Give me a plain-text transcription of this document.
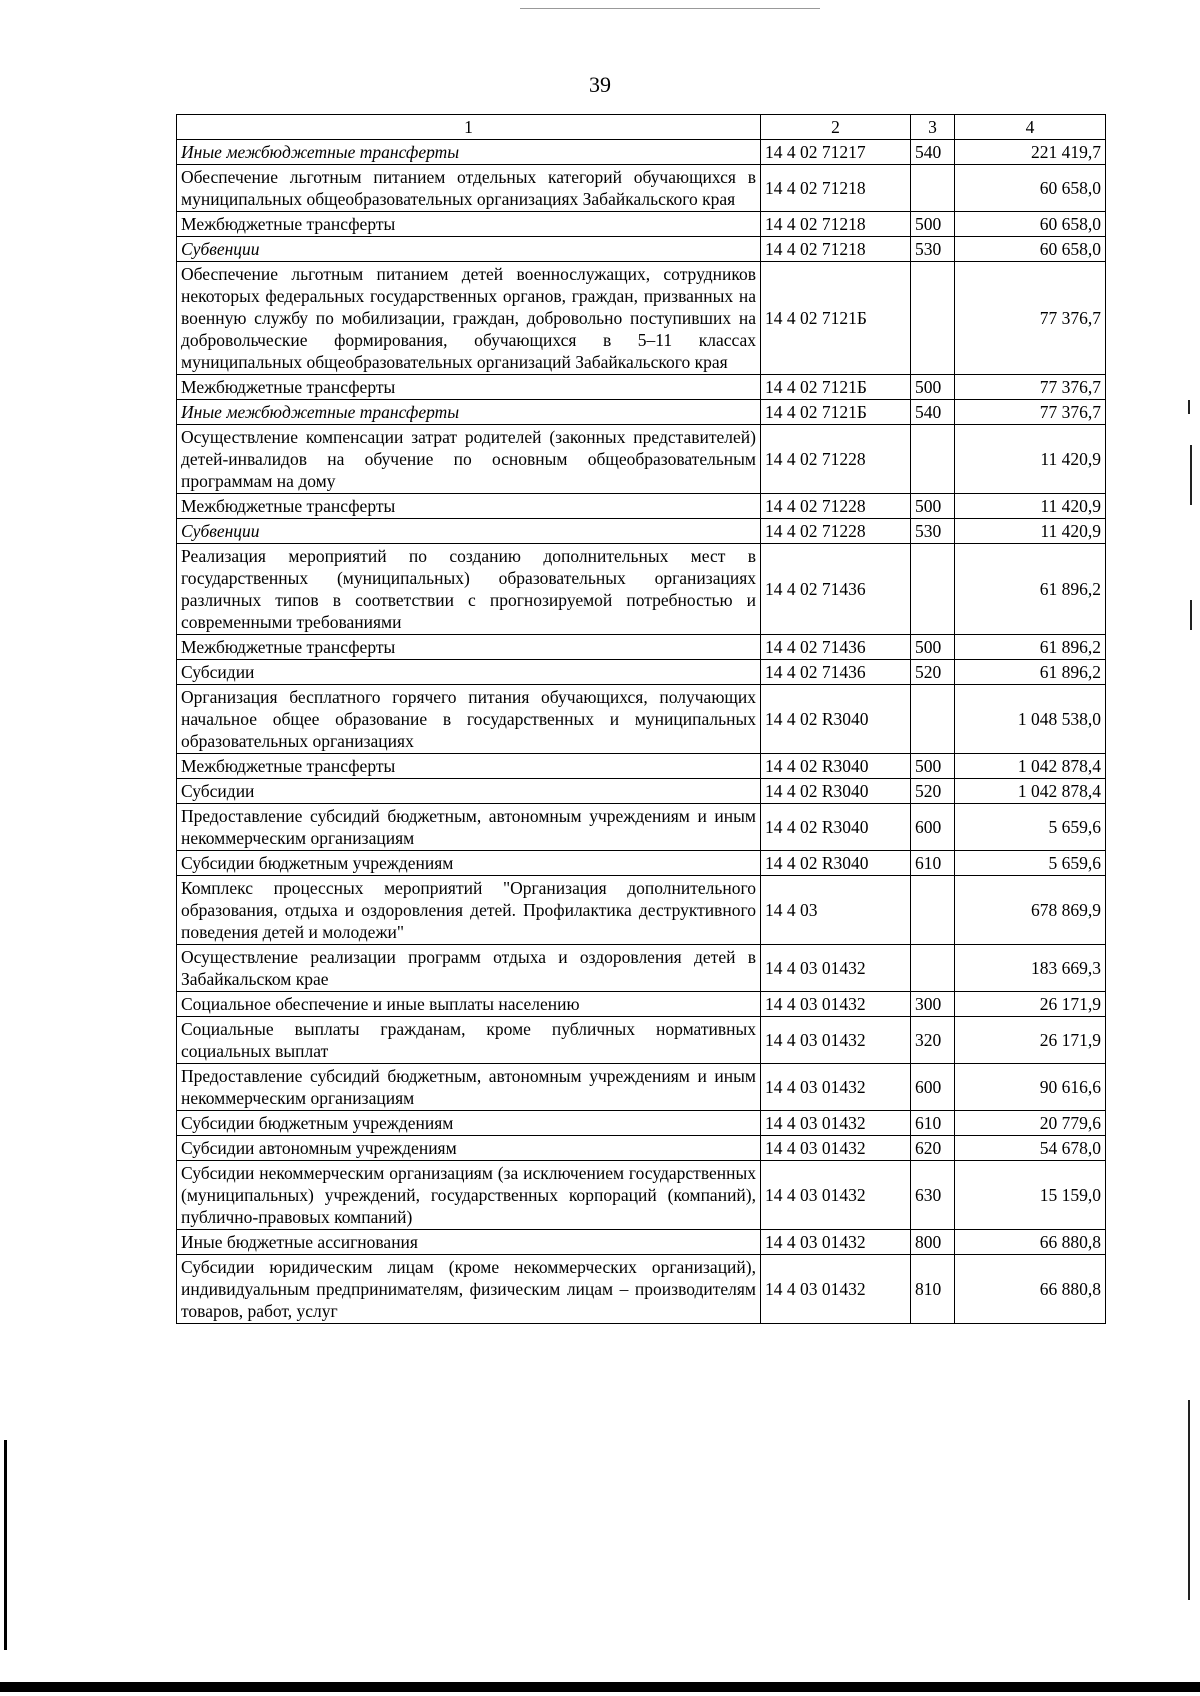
39
1	2	3	4
Иные межбюджетные трансферты	14 4 02 71217	540	221 419,7
Обеспечение льготным питанием отдельных категорий обучающихся в муниципальных общеобразовательных организациях Забайкальского края	14 4 02 71218		60 658,0
Межбюджетные трансферты	14 4 02 71218	500	60 658,0
Субвенции	14 4 02 71218	530	60 658,0
Обеспечение льготным питанием детей военнослужащих, сотрудников некоторых федеральных государственных органов, граждан, призванных на военную службу по мобилизации, граждан, добровольно поступивших на добровольческие формирования, обучающихся в 5–11 классах муниципальных общеобразовательных организаций Забайкальского края	14 4 02 7121Б		77 376,7
Межбюджетные трансферты	14 4 02 7121Б	500	77 376,7
Иные межбюджетные трансферты	14 4 02 7121Б	540	77 376,7
Осуществление компенсации затрат родителей (законных представителей) детей-инвалидов на обучение по основным общеобразовательным программам на дому	14 4 02 71228		11 420,9
Межбюджетные трансферты	14 4 02 71228	500	11 420,9
Субвенции	14 4 02 71228	530	11 420,9
Реализация мероприятий по созданию дополнительных мест в государственных (муниципальных) образовательных организациях различных типов в соответствии с прогнозируемой потребностью и современными требованиями	14 4 02 71436		61 896,2
Межбюджетные трансферты	14 4 02 71436	500	61 896,2
Субсидии	14 4 02 71436	520	61 896,2
Организация бесплатного горячего питания обучающихся, получающих начальное общее образование в государственных и муниципальных образовательных организациях	14 4 02 R3040		1 048 538,0
Межбюджетные трансферты	14 4 02 R3040	500	1 042 878,4
Субсидии	14 4 02 R3040	520	1 042 878,4
Предоставление субсидий бюджетным, автономным учреждениям и иным некоммерческим организациям	14 4 02 R3040	600	5 659,6
Субсидии бюджетным учреждениям	14 4 02 R3040	610	5 659,6
Комплекс процессных мероприятий "Организация дополнительного образования, отдыха и оздоровления детей. Профилактика деструктивного поведения детей и молодежи"	14 4 03		678 869,9
Осуществление реализации программ отдыха и оздоровления детей в Забайкальском крае	14 4 03 01432		183 669,3
Социальное обеспечение и иные выплаты населению	14 4 03 01432	300	26 171,9
Социальные выплаты гражданам, кроме публичных нормативных социальных выплат	14 4 03 01432	320	26 171,9
Предоставление субсидий бюджетным, автономным учреждениям и иным некоммерческим организациям	14 4 03 01432	600	90 616,6
Субсидии бюджетным учреждениям	14 4 03 01432	610	20 779,6
Субсидии автономным учреждениям	14 4 03 01432	620	54 678,0
Субсидии некоммерческим организациям (за исключением государственных (муниципальных) учреждений, государственных корпораций (компаний), публично-правовых компаний)	14 4 03 01432	630	15 159,0
Иные бюджетные ассигнования	14 4 03 01432	800	66 880,8
Субсидии юридическим лицам (кроме некоммерческих организаций), индивидуальным предпринимателям, физическим лицам – производителям товаров, работ, услуг	14 4 03 01432	810	66 880,8
